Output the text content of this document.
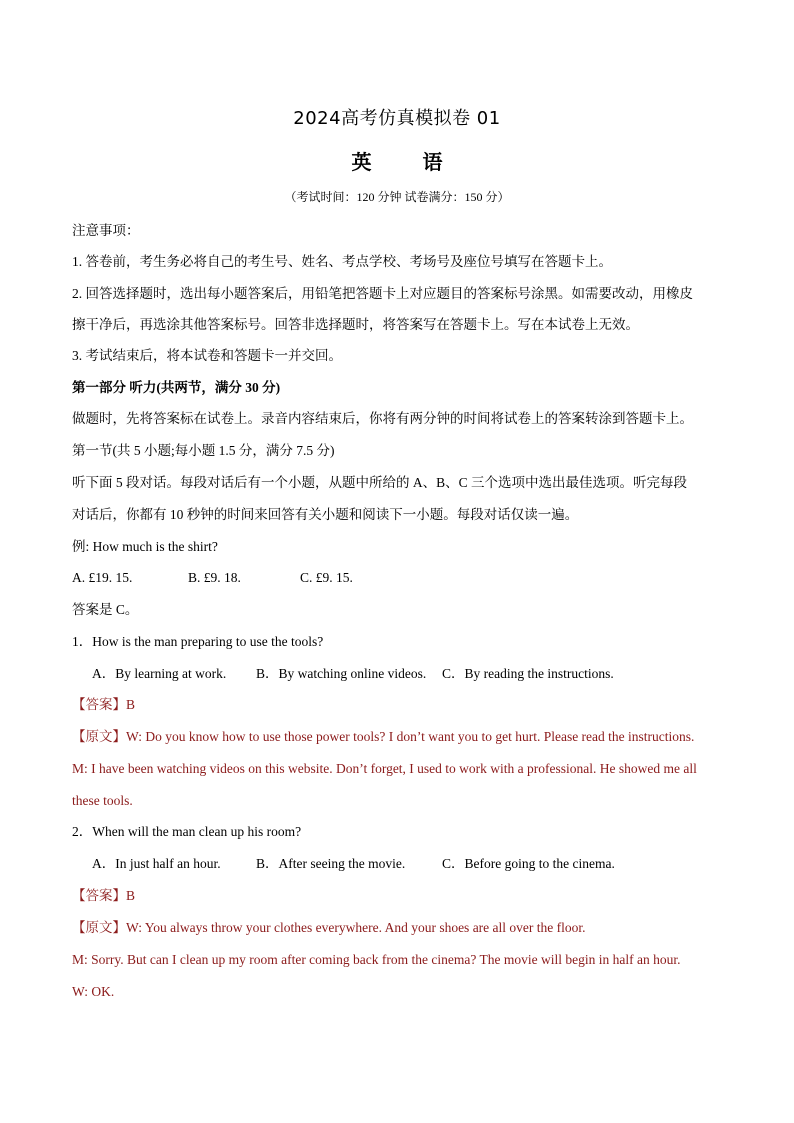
2024高考仿真模拟卷 01
英 语
（考试时间：120 分钟 试卷满分：150 分）
注意事项：
1. 答卷前，考生务必将自己的考生号、姓名、考点学校、考场号及座位号填写在答题卡上。
2. 回答选择题时，选出每小题答案后，用铅笔把答题卡上对应题目的答案标号涂黑。如需要改动，用橡皮
擦干净后，再选涂其他答案标号。回答非选择题时，将答案写在答题卡上。写在本试卷上无效。
3. 考试结束后，将本试卷和答题卡一并交回。
第一部分 听力(共两节，满分 30 分)
做题时，先将答案标在试卷上。录音内容结束后，你将有两分钟的时间将试卷上的答案转涂到答题卡上。
第一节(共 5 小题;每小题 1.5 分，满分 7.5 分)
听下面 5 段对话。每段对话后有一个小题，从题中所给的 A、B、C 三个选项中选出最佳选项。听完每段
对话后，你都有 10 秒钟的时间来回答有关小题和阅读下一小题。每段对话仅读一遍。
例: How much is the shirt?
A. £19. 15.	B. £9. 18.	C. £9. 15.
答案是 C。
1．How is the man preparing to use the tools?
A．By learning at work. B．By watching online videos. C．By reading the instructions.
【答案】B
【原文】W: Do you know how to use those power tools? I don’t want you to get hurt. Please read the instructions.
M: I have been watching videos on this website. Don’t forget, I used to work with a professional. He showed me all
these tools.
2．When will the man clean up his room?
A．In just half an hour.	B．After seeing the movie.	C．Before going to the cinema.
【答案】B
【原文】W: You always throw your clothes everywhere. And your shoes are all over the floor.
M: Sorry. But can I clean up my room after coming back from the cinema? The movie will begin in half an hour.
W: OK.
